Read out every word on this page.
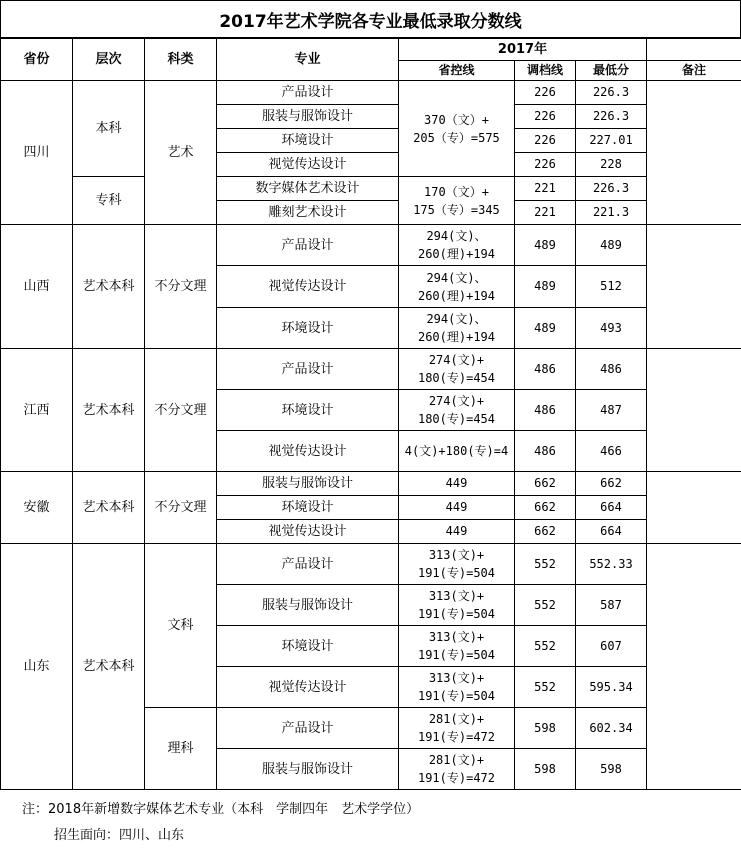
2017年艺术学院各专业最低录取分数线
省份	层次	科类	专业	2017年			
				省控线	调档线	最低分	备注
四川	本科	艺术	产品设计	370（文）+
205（专）=575	226	226.3	
			服装与服饰设计		226	226.3	
			环境设计		226	227.01	
			视觉传达设计		226	228	
	专科		数字媒体艺术设计	170（文）+
175（专）=345	221	226.3	
			雕刻艺术设计		221	221.3	
山西	艺术本科	不分文理	产品设计	294(文)、
260(理)+194	489	489	
			视觉传达设计	294(文)、
260(理)+194	489	512	
			环境设计	294(文)、
260(理)+194	489	493	
江西	艺术本科	不分文理	产品设计	274(文)+
180(专)=454	486	486	
			环境设计	274(文)+
180(专)=454	486	487	
			视觉传达设计	4(文)+180(专)=4	486	466	
安徽	艺术本科	不分文理	服装与服饰设计	449	662	662	
			环境设计	449	662	664	
			视觉传达设计	449	662	664	
山东	艺术本科	文科	产品设计	313(文)+
191(专)=504	552	552.33	
			服装与服饰设计	313(文)+
191(专)=504	552	587	
			环境设计	313(文)+
191(专)=504	552	607	
			视觉传达设计	313(文)+
191(专)=504	552	595.34	
		理科	产品设计	281(文)+
191(专)=472	598	602.34	
			服装与服饰设计	281(文)+
191(专)=472	598	598	
注：2018年新增数字媒体艺术专业（本科　学制四年　艺术学学位）
招生面向：四川、山东
